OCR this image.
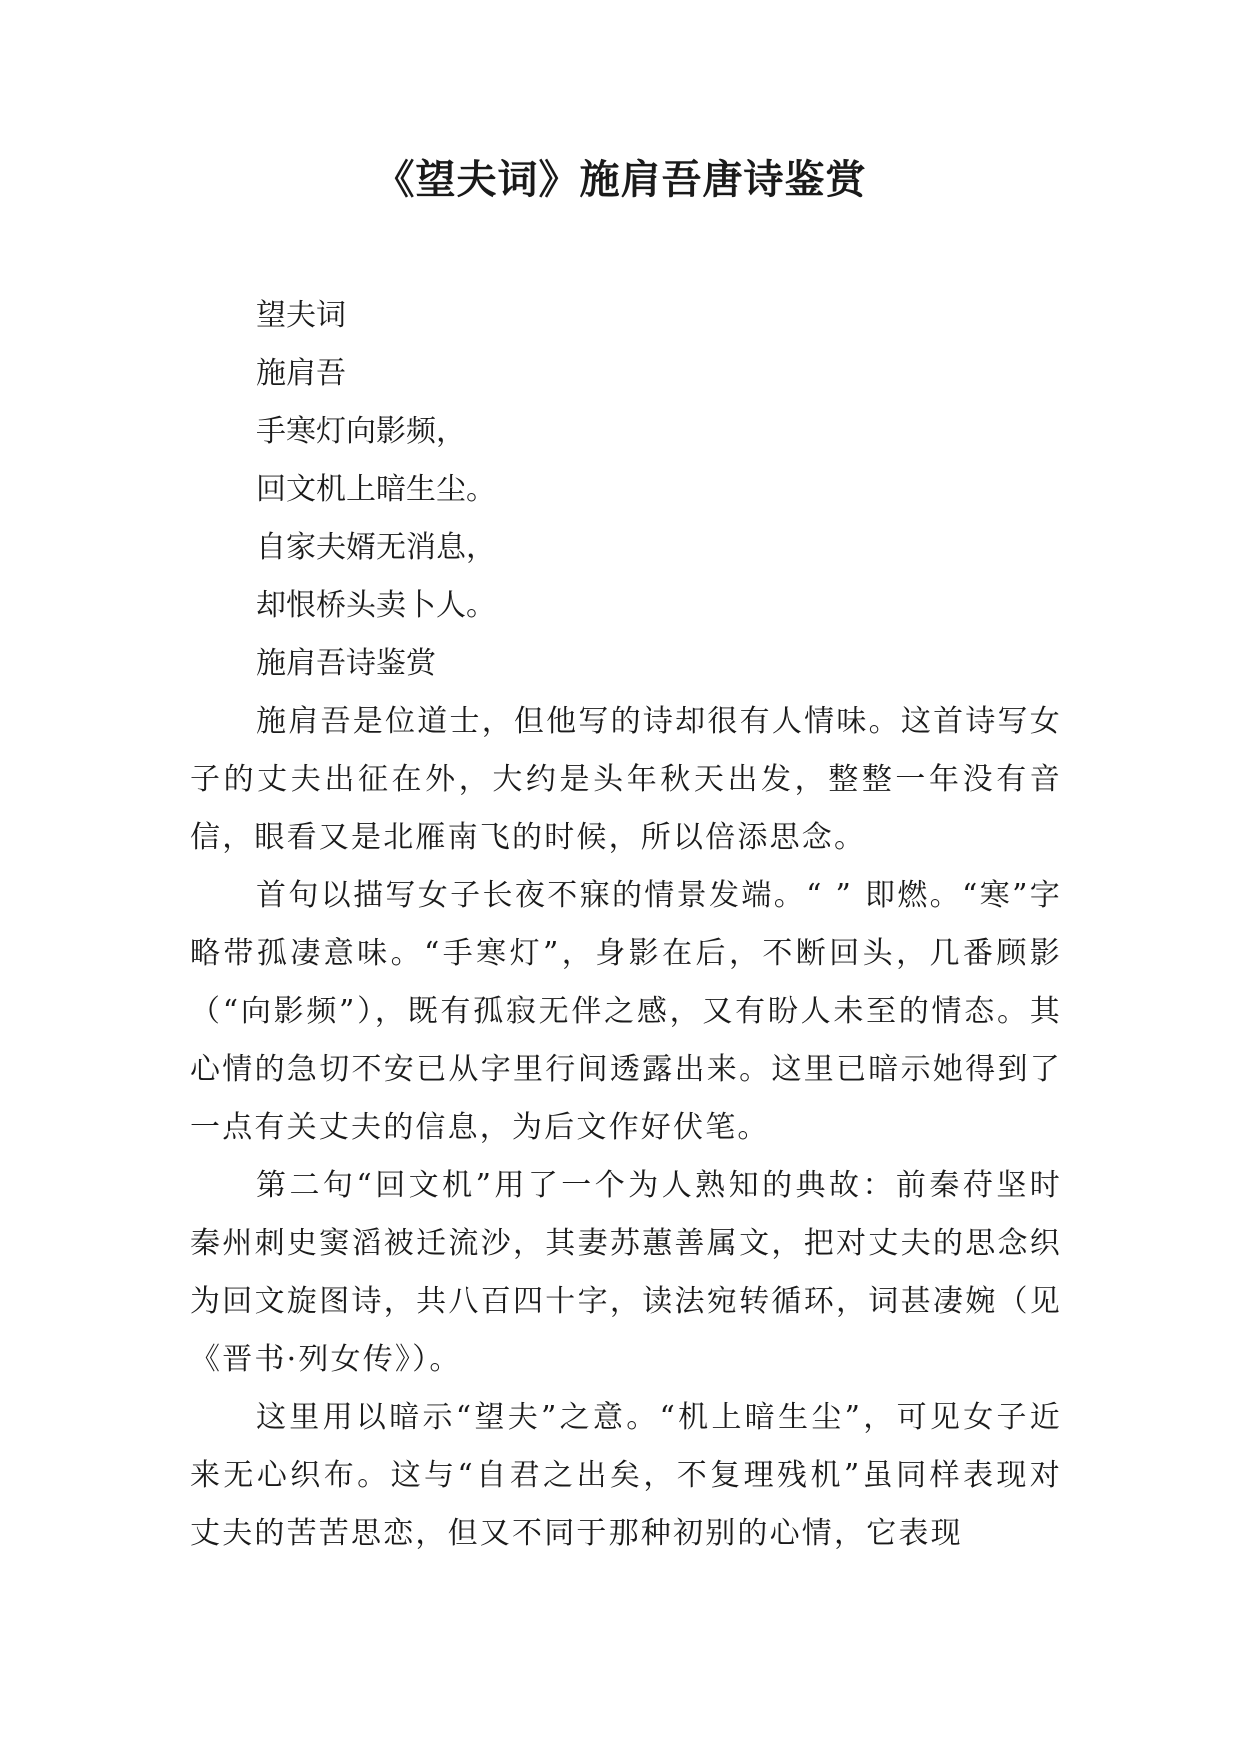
《望夫词》施肩吾唐诗鉴赏
望夫词
施肩吾
手寒灯向影频，
回文机上暗生尘。
自家夫婿无消息，
却恨桥头卖卜人。
施肩吾诗鉴赏

施肩吾是位道士，但他写的诗却很有人情味。这首诗写女子的丈夫出征在外，大约是头年秋天出发，整整一年没有音信，眼看又是北雁南飞的时候，所以倍添思念。

首句以描写女子长夜不寐的情景发端。“ ” 即燃。“寒”字略带孤凄意味。“手寒灯”，身影在后，不断回头，几番顾影（“向影频”），既有孤寂无伴之感，又有盼人未至的情态。其心情的急切不安已从字里行间透露出来。这里已暗示她得到了一点有关丈夫的信息，为后文作好伏笔。

第二句“回文机”用了一个为人熟知的典故：前秦苻坚时秦州刺史窦滔被迁流沙，其妻苏蕙善属文，把对丈夫的思念织为回文旋图诗，共八百四十字，读法宛转循环，词甚凄婉（见《晋书·列女传》）。

这里用以暗示“望夫”之意。“机上暗生尘”，可见女子近来无心织布。这与“自君之出矣，不复理残机”虽同样表现对丈夫的苦苦思恋，但又不同于那种初别的心情，它表现
